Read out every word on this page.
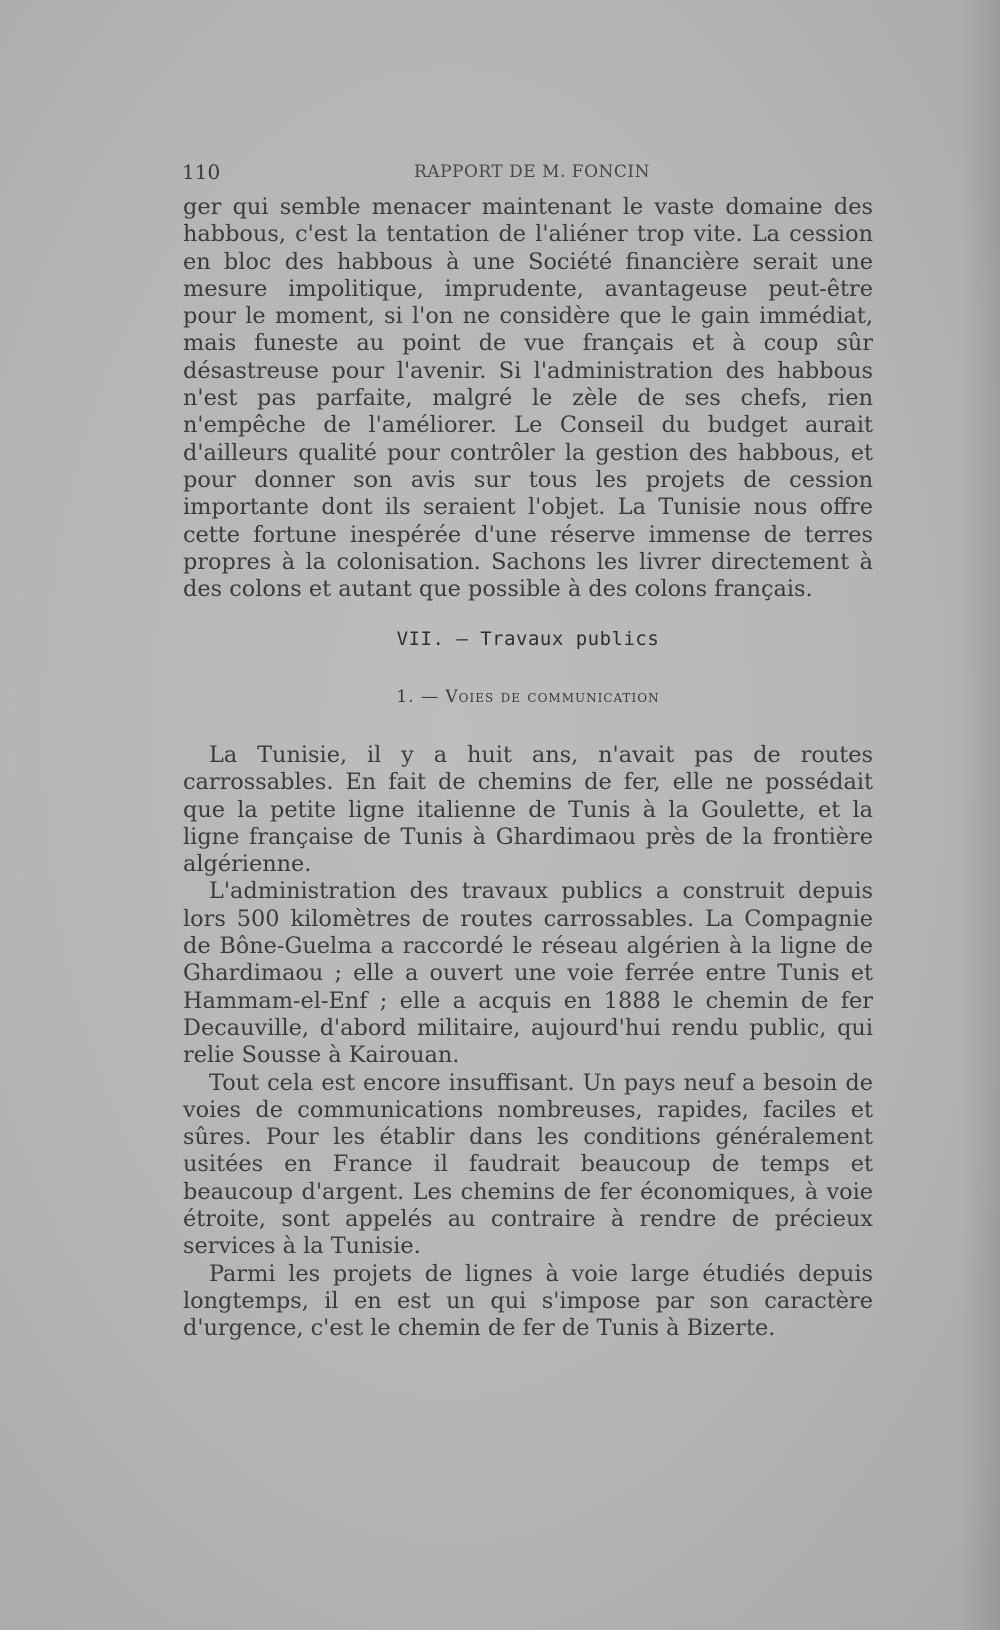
110	RAPPORT DE M. FONCIN

ger qui semble menacer maintenant le vaste domaine des habbous, c'est la tentation de l'aliéner trop vite. La cession en bloc des habbous à une Société financière serait une mesure impolitique, imprudente, avantageuse peut-être pour le moment, si l'on ne considère que le gain immédiat, mais funeste au point de vue français et à coup sûr désastreuse pour l'avenir. Si l'administration des habbous n'est pas parfaite, malgré le zèle de ses chefs, rien n'empêche de l'améliorer. Le Conseil du budget aurait d'ailleurs qualité pour contrôler la gestion des habbous, et pour donner son avis sur tous les projets de cession importante dont ils seraient l'objet. La Tunisie nous offre cette fortune inespérée d'une réserve immense de terres propres à la colonisation. Sachons les livrer directement à des colons et autant que possible à des colons français.

VII. — Travaux publics
1. — Voies de communication

La Tunisie, il y a huit ans, n'avait pas de routes carrossables. En fait de chemins de fer, elle ne possédait que la petite ligne italienne de Tunis à la Goulette, et la ligne française de Tunis à Ghardimaou près de la frontière algérienne.

L'administration des travaux publics a construit depuis lors 500 kilomètres de routes carrossables. La Compagnie de Bône-Guelma a raccordé le réseau algérien à la ligne de Ghardimaou ; elle a ouvert une voie ferrée entre Tunis et Hammam-el-Enf ; elle a acquis en 1888 le chemin de fer Decauville, d'abord militaire, aujourd'hui rendu public, qui relie Sousse à Kairouan.

Tout cela est encore insuffisant. Un pays neuf a besoin de voies de communications nombreuses, rapides, faciles et sûres. Pour les établir dans les conditions généralement usitées en France il faudrait beaucoup de temps et beaucoup d'argent. Les chemins de fer économiques, à voie étroite, sont appelés au contraire à rendre de précieux services à la Tunisie.

Parmi les projets de lignes à voie large étudiés depuis longtemps, il en est un qui s'impose par son caractère d'urgence, c'est le chemin de fer de Tunis à Bizerte.
